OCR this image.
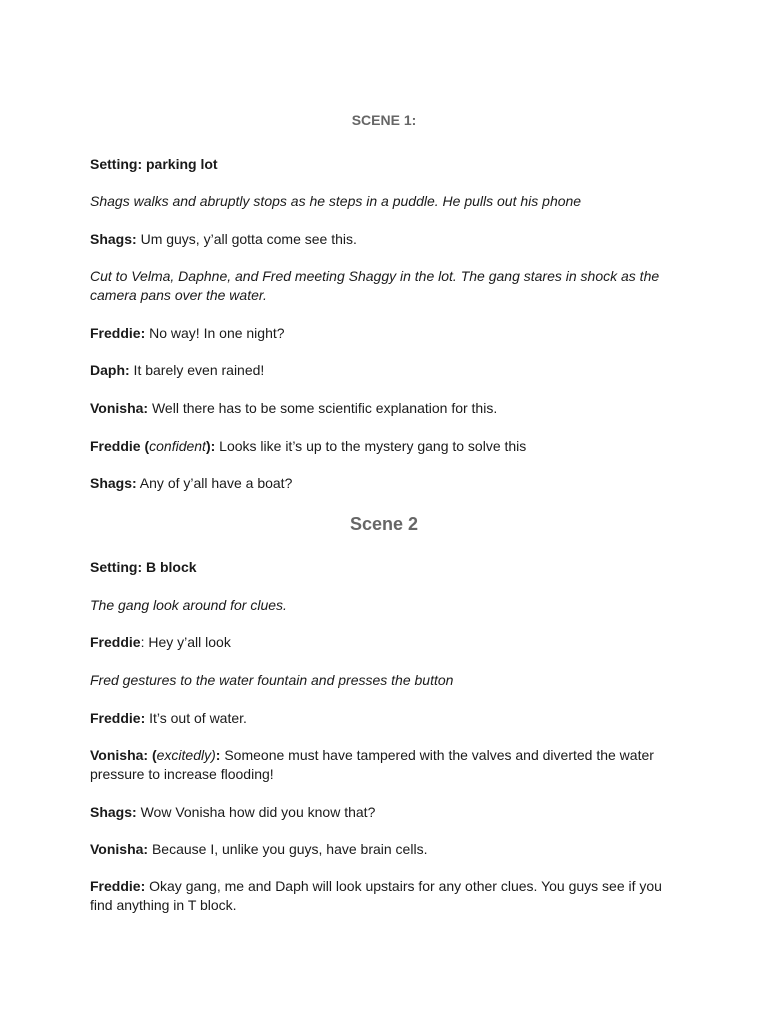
SCENE 1:

Setting: parking lot

Shags walks and abruptly stops as he steps in a puddle. He pulls out his phone

Shags: Um guys, y’all gotta come see this.

Cut to Velma, Daphne, and Fred meeting Shaggy in the lot. The gang stares in shock as the camera pans over the water.

Freddie: No way! In one night?

Daph: It barely even rained!

Vonisha: Well there has to be some scientific explanation for this.

Freddie (confident): Looks like it’s up to the mystery gang to solve this

Shags: Any of y’all have a boat?

Scene 2

Setting: B block

The gang look around for clues.

Freddie: Hey y’all look

Fred gestures to the water fountain and presses the button

Freddie: It’s out of water.

Vonisha: (excitedly): Someone must have tampered with the valves and diverted the water pressure to increase flooding!

Shags: Wow Vonisha how did you know that?

Vonisha: Because I, unlike you guys, have brain cells.

Freddie: Okay gang, me and Daph will look upstairs for any other clues. You guys see if you find anything in T block.
